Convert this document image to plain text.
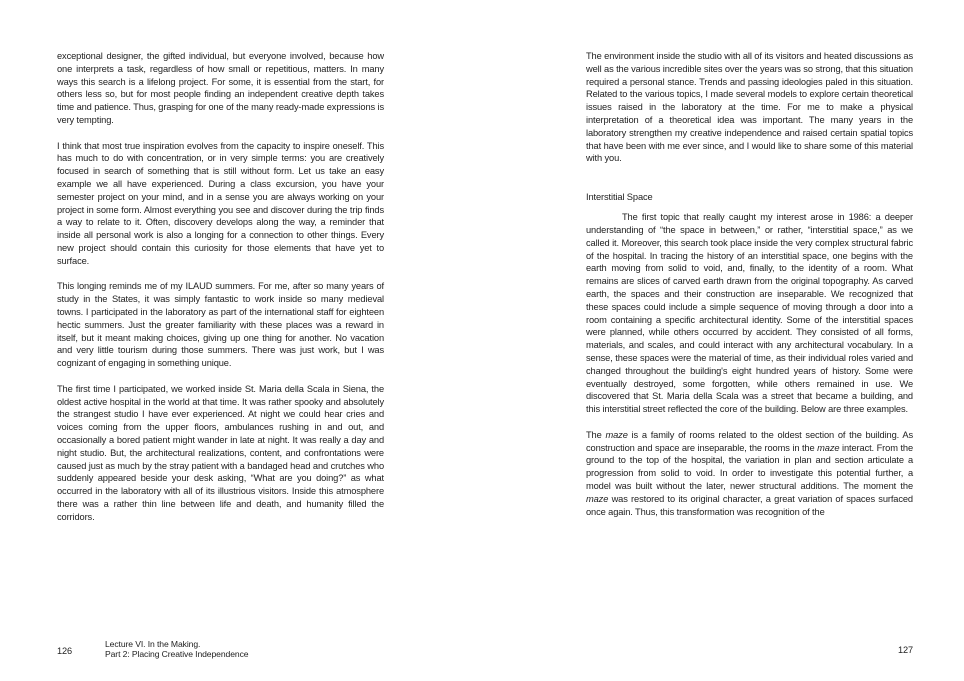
exceptional designer, the gifted individual, but everyone involved, because how one interprets a task, regardless of how small or repetitious, matters. In many ways this search is a lifelong project. For some, it is essential from the start, for others less so, but for most people finding an independent creative depth takes time and patience. Thus, grasping for one of the many ready-made expressions is very tempting.

I think that most true inspiration evolves from the capacity to inspire oneself. This has much to do with concentration, or in very simple terms: you are creatively focused in search of something that is still without form. Let us take an easy example we all have experienced. During a class excursion, you have your semester project on your mind, and in a sense you are always working on your project in some form. Almost everything you see and discover during the trip finds a way to relate to it. Often, discovery develops along the way, a reminder that inside all personal work is also a longing for a connection to other things. Every new project should contain this curiosity for those elements that have yet to surface.

This longing reminds me of my ILAUD summers. For me, after so many years of study in the States, it was simply fantastic to work inside so many medieval towns. I participated in the laboratory as part of the international staff for eighteen hectic summers. Just the greater familiarity with these places was a reward in itself, but it meant making choices, giving up one thing for another. No vacation and very little tourism during those summers. There was just work, but I was cognizant of engaging in something unique.

The first time I participated, we worked inside St. Maria della Scala in Siena, the oldest active hospital in the world at that time. It was rather spooky and absolutely the strangest studio I have ever experienced. At night we could hear cries and voices coming from the upper floors, ambulances rushing in and out, and occasionally a bored patient might wander in late at night. It was really a day and night studio. But, the architectural realizations, content, and confrontations were caused just as much by the stray patient with a bandaged head and crutches who suddenly appeared beside your desk asking, “What are you doing?” as what occurred in the laboratory with all of its illustrious visitors. Inside this atmosphere there was a rather thin line between life and death, and humanity filled the corridors.

126
Lecture VI. In the Making.
Part 2: Placing Creative Independence

The environment inside the studio with all of its visitors and heated discussions as well as the various incredible sites over the years was so strong, that this situation required a personal stance. Trends and passing ideologies paled in this situation. Related to the various topics, I made several models to explore certain theoretical issues raised in the laboratory at the time. For me to make a physical interpretation of a theoretical idea was important. The many years in the laboratory strengthen my creative independence and raised certain spatial topics that have been with me ever since, and I would like to share some of this material with you.

Interstitial Space

The first topic that really caught my interest arose in 1986: a deeper understanding of “the space in between,” or rather, “interstitial space,” as we called it. Moreover, this search took place inside the very complex structural fabric of the hospital. In tracing the history of an interstitial space, one begins with the earth moving from solid to void, and, finally, to the identity of a room. What remains are slices of carved earth drawn from the original topography. As carved earth, the spaces and their construction are inseparable. We recognized that these spaces could include a simple sequence of moving through a door into a room containing a specific architectural identity. Some of the interstitial spaces were planned, while others occurred by accident. They consisted of all forms, materials, and scales, and could interact with any architectural vocabulary. In a sense, these spaces were the material of time, as their individual roles varied and changed throughout the building's eight hundred years of history. Some were eventually destroyed, some forgotten, while others remained in use. We discovered that St. Maria della Scala was a street that became a building, and this interstitial street reflected the core of the building. Below are three examples.

The maze is a family of rooms related to the oldest section of the building. As construction and space are inseparable, the rooms in the maze interact. From the ground to the top of the hospital, the variation in plan and section articulate a progression from solid to void. In order to investigate this potential further, a model was built without the later, newer structural additions. The moment the maze was restored to its original character, a great variation of spaces surfaced once again. Thus, this transformation was recognition of the

127
